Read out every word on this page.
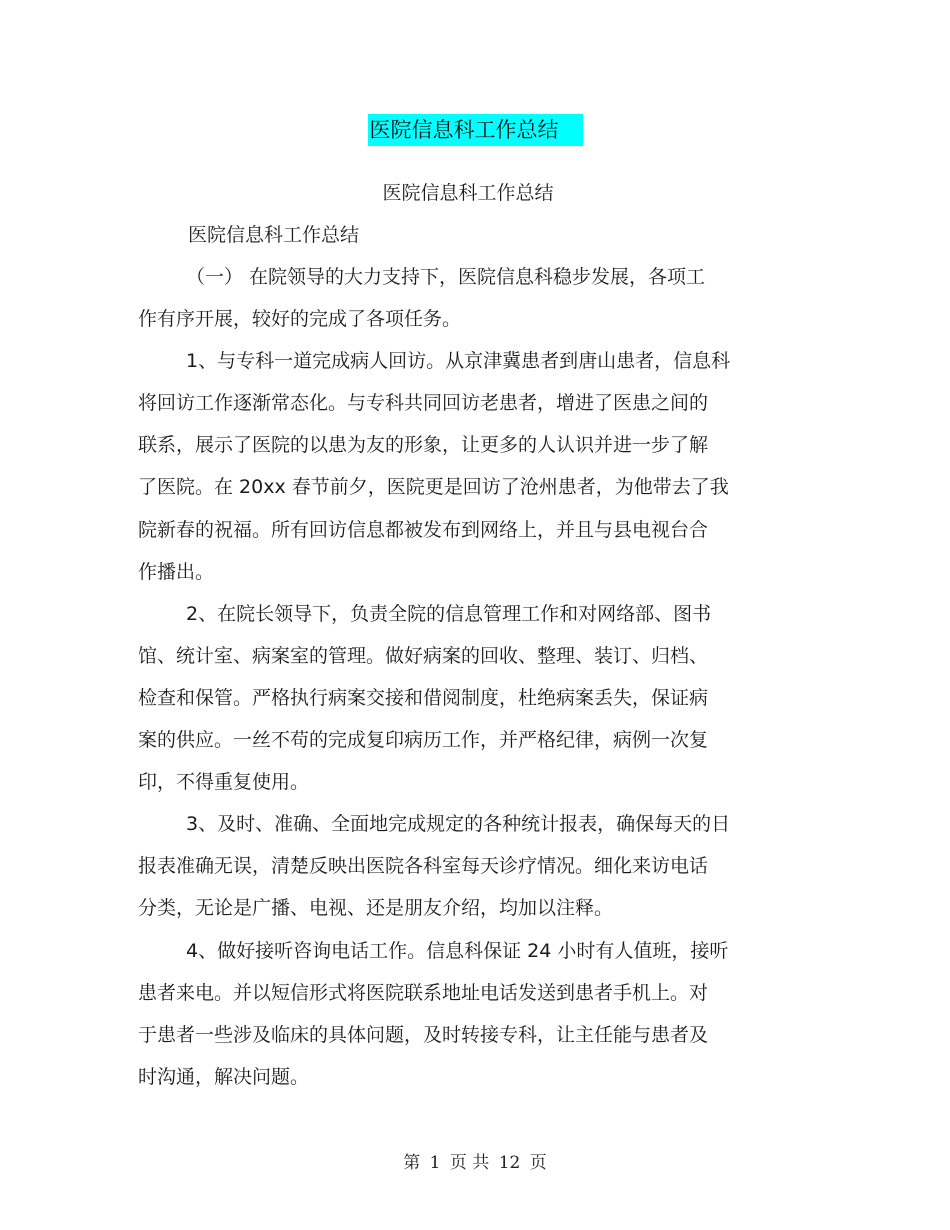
医院信息科工作总结
医院信息科工作总结
医院信息科工作总结
（一） 在院领导的大力支持下，医院信息科稳步发展，各项工
作有序开展，较好的完成了各项任务。
1、与专科一道完成病人回访。从京津冀患者到唐山患者，信息科
将回访工作逐渐常态化。与专科共同回访老患者，增进了医患之间的
联系，展示了医院的以患为友的形象，让更多的人认识并进一步了解
了医院。在 20xx 春节前夕，医院更是回访了沧州患者，为他带去了我
院新春的祝福。所有回访信息都被发布到网络上，并且与县电视台合
作播出。
2、在院长领导下，负责全院的信息管理工作和对网络部、图书
馆、统计室、病案室的管理。做好病案的回收、整理、装订、归档、
检查和保管。严格执行病案交接和借阅制度，杜绝病案丢失，保证病
案的供应。一丝不苟的完成复印病历工作，并严格纪律，病例一次复
印，不得重复使用。
3、及时、准确、全面地完成规定的各种统计报表，确保每天的日
报表准确无误，清楚反映出医院各科室每天诊疗情况。细化来访电话
分类，无论是广播、电视、还是朋友介绍，均加以注释。
4、做好接听咨询电话工作。信息科保证 24 小时有人值班，接听
患者来电。并以短信形式将医院联系地址电话发送到患者手机上。对
于患者一些涉及临床的具体问题，及时转接专科，让主任能与患者及
时沟通，解决问题。
第 1 页 共 12 页
